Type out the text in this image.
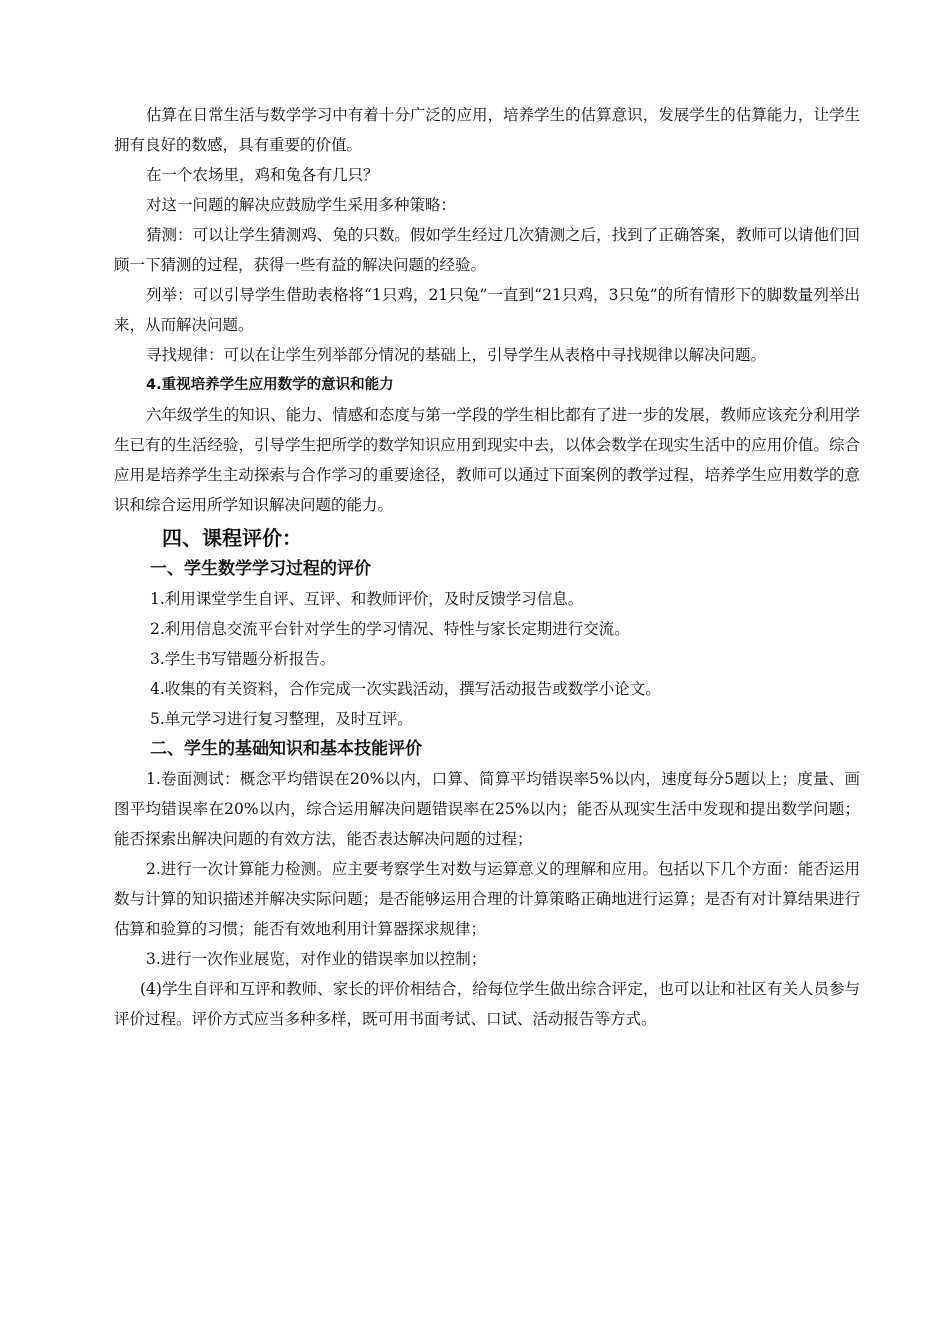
估算在日常生活与数学学习中有着十分广泛的应用，培养学生的估算意识，发展学生的估算能力，让学生拥有良好的数感，具有重要的价值。

在一个农场里，鸡和兔各有几只？

对这一问题的解决应鼓励学生采用多种策略：

猜测：可以让学生猜测鸡、兔的只数。假如学生经过几次猜测之后，找到了正确答案，教师可以请他们回顾一下猜测的过程，获得一些有益的解决问题的经验。

列举：可以引导学生借助表格将“1只鸡，21只兔”一直到“21只鸡，3只兔”的所有情形下的脚数量列举出来，从而解决问题。

寻找规律：可以在让学生列举部分情况的基础上，引导学生从表格中寻找规律以解决问题。

4.重视培养学生应用数学的意识和能力

六年级学生的知识、能力、情感和态度与第一学段的学生相比都有了进一步的发展，教师应该充分利用学生已有的生活经验，引导学生把所学的数学知识应用到现实中去，以体会数学在现实生活中的应用价值。综合应用是培养学生主动探索与合作学习的重要途径，教师可以通过下面案例的教学过程，培养学生应用数学的意识和综合运用所学知识解决问题的能力。

四、课程评价：

一、学生数学学习过程的评价

1.利用课堂学生自评、互评、和教师评价，及时反馈学习信息。

2.利用信息交流平台针对学生的学习情况、特性与家长定期进行交流。

3.学生书写错题分析报告。

4.收集的有关资料，合作完成一次实践活动，撰写活动报告或数学小论文。

5.单元学习进行复习整理，及时互评。

二、学生的基础知识和基本技能评价

1.卷面测试：概念平均错误在20%以内，口算、简算平均错误率5%以内，速度每分5题以上；度量、画图平均错误率在20%以内，综合运用解决问题错误率在25%以内；能否从现实生活中发现和提出数学问题；能否探索出解决问题的有效方法，能否表达解决问题的过程；

2.进行一次计算能力检测。应主要考察学生对数与运算意义的理解和应用。包括以下几个方面：能否运用数与计算的知识描述并解决实际问题；是否能够运用合理的计算策略正确地进行运算；是否有对计算结果进行估算和验算的习惯；能否有效地利用计算器探求规律；

3.进行一次作业展览，对作业的错误率加以控制；

(4)学生自评和互评和教师、家长的评价相结合，给每位学生做出综合评定，也可以让和社区有关人员参与评价过程。评价方式应当多种多样，既可用书面考试、口试、活动报告等方式。
